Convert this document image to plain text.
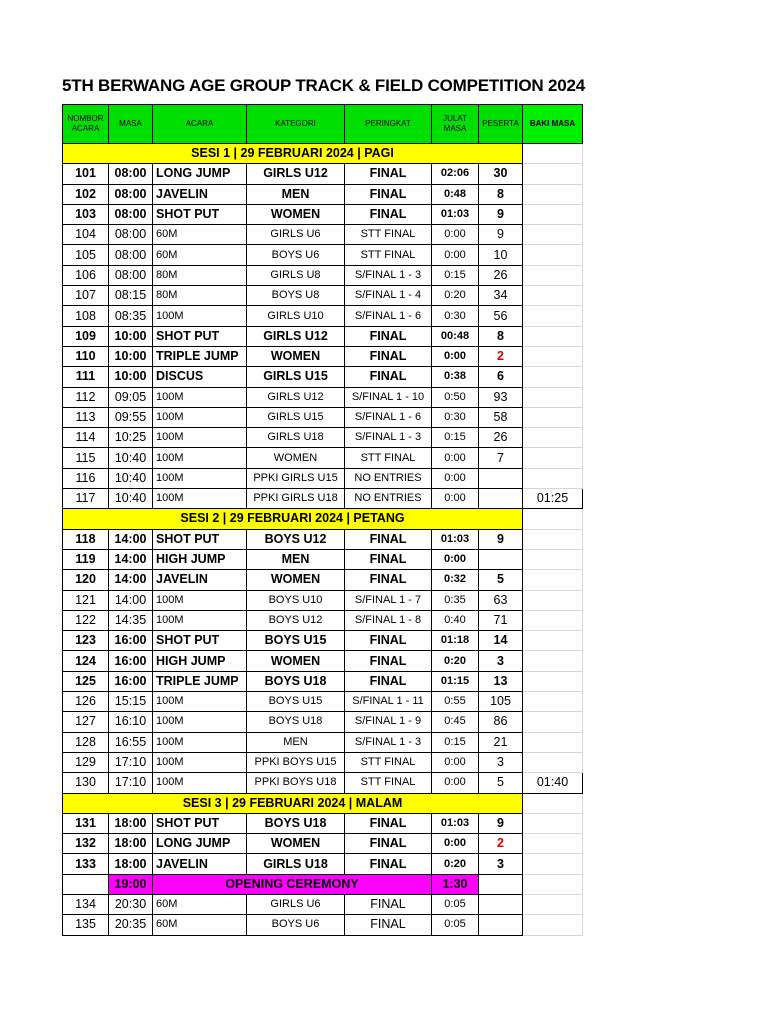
5TH BERWANG AGE GROUP TRACK & FIELD COMPETITION 2024
NOMBOR ACARA	MASA	ACARA	KATEGORI	PERINGKAT	JULAT MASA	PESERTA	BAKI MASA
SESI 1 | 29 FEBRUARI 2024 | PAGI							
101	08:00	LONG JUMP	GIRLS U12	FINAL	02:06	30	
102	08:00	JAVELIN	MEN	FINAL	0:48	8	
103	08:00	SHOT PUT	WOMEN	FINAL	01:03	9	
104	08:00	60M	GIRLS U6	STT FINAL	0:00	9	
105	08:00	60M	BOYS U6	STT FINAL	0:00	10	
106	08:00	80M	GIRLS U8	S/FINAL 1 - 3	0:15	26	
107	08:15	80M	BOYS U8	S/FINAL 1 - 4	0:20	34	
108	08:35	100M	GIRLS U10	S/FINAL 1 - 6	0:30	56	
109	10:00	SHOT PUT	GIRLS U12	FINAL	00:48	8	
110	10:00	TRIPLE JUMP	WOMEN	FINAL	0:00	2	
111	10:00	DISCUS	GIRLS U15	FINAL	0:38	6	
112	09:05	100M	GIRLS U12	S/FINAL 1 - 10	0:50	93	
113	09:55	100M	GIRLS U15	S/FINAL 1 - 6	0:30	58	
114	10:25	100M	GIRLS U18	S/FINAL 1 - 3	0:15	26	
115	10:40	100M	WOMEN	STT FINAL	0:00	7	
116	10:40	100M	PPKI GIRLS U15	NO ENTRIES	0:00		
117	10:40	100M	PPKI GIRLS U18	NO ENTRIES	0:00		01:25
SESI 2 | 29 FEBRUARI 2024 | PETANG							
118	14:00	SHOT PUT	BOYS U12	FINAL	01:03	9	
119	14:00	HIGH JUMP	MEN	FINAL	0:00		
120	14:00	JAVELIN	WOMEN	FINAL	0:32	5	
121	14:00	100M	BOYS U10	S/FINAL 1 - 7	0:35	63	
122	14:35	100M	BOYS U12	S/FINAL 1 - 8	0:40	71	
123	16:00	SHOT PUT	BOYS U15	FINAL	01:18	14	
124	16:00	HIGH JUMP	WOMEN	FINAL	0:20	3	
125	16:00	TRIPLE JUMP	BOYS U18	FINAL	01:15	13	
126	15:15	100M	BOYS U15	S/FINAL 1 - 11	0:55	105	
127	16:10	100M	BOYS U18	S/FINAL 1 - 9	0:45	86	
128	16:55	100M	MEN	S/FINAL 1 - 3	0:15	21	
129	17:10	100M	PPKI BOYS U15	STT FINAL	0:00	3	
130	17:10	100M	PPKI BOYS U18	STT FINAL	0:00	5	01:40
SESI 3 | 29 FEBRUARI 2024 | MALAM							
131	18:00	SHOT PUT	BOYS U18	FINAL	01:03	9	
132	18:00	LONG JUMP	WOMEN	FINAL	0:00	2	
133	18:00	JAVELIN	GIRLS U18	FINAL	0:20	3	
	19:00	OPENING CEREMONY			1:30		
134	20:30	60M	GIRLS U6	FINAL	0:05		
135	20:35	60M	BOYS U6	FINAL	0:05		
